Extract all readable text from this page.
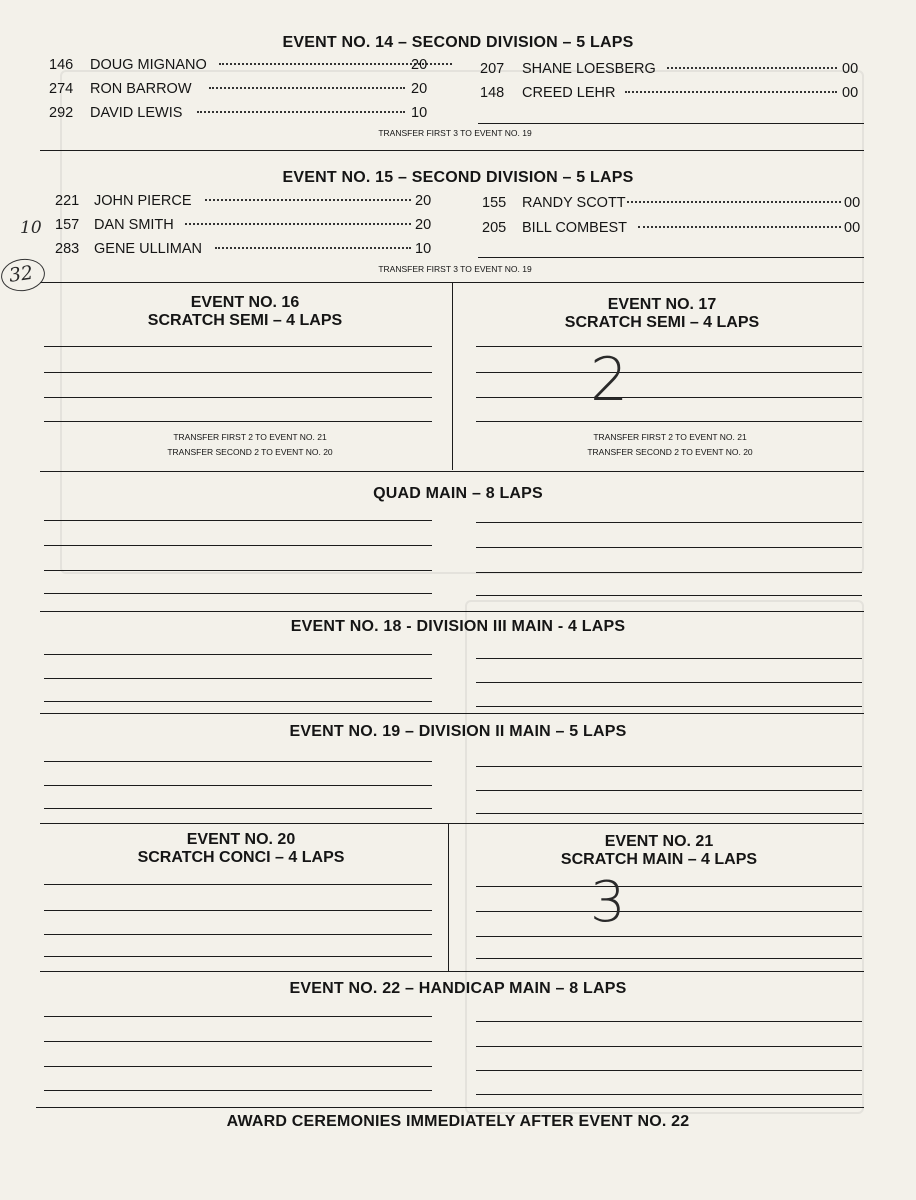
EVENT NO. 14 – SECOND DIVISION – 5 LAPS
146 DOUG MIGNANO	20
274 RON BARROW	20
292 DAVID LEWIS	10
207 SHANE LOESBERG	00
148 CREED LEHR	00
TRANSFER FIRST 3 TO EVENT NO. 19
EVENT NO. 15 – SECOND DIVISION – 5 LAPS
221 JOHN PIERCE	20
157 DAN SMITH	20
283 GENE ULLIMAN	10
155 RANDY SCOTT	00
205 BILL COMBEST	00
TRANSFER FIRST 3 TO EVENT NO. 19
EVENT NO. 16
SCRATCH SEMI – 4 LAPS
EVENT NO. 17
SCRATCH SEMI – 4 LAPS
TRANSFER FIRST 2 TO EVENT NO. 21
TRANSFER SECOND 2 TO EVENT NO. 20
TRANSFER FIRST 2 TO EVENT NO. 21
TRANSFER SECOND 2 TO EVENT NO. 20
QUAD MAIN – 8 LAPS
EVENT NO. 18 - DIVISION III MAIN - 4 LAPS
EVENT NO. 19 – DIVISION II MAIN – 5 LAPS
EVENT NO. 20
SCRATCH CONCI – 4 LAPS
EVENT NO. 21
SCRATCH MAIN – 4 LAPS
EVENT NO. 22 – HANDICAP MAIN – 8 LAPS
AWARD CEREMONIES IMMEDIATELY AFTER EVENT NO. 22
10
32
2
3
